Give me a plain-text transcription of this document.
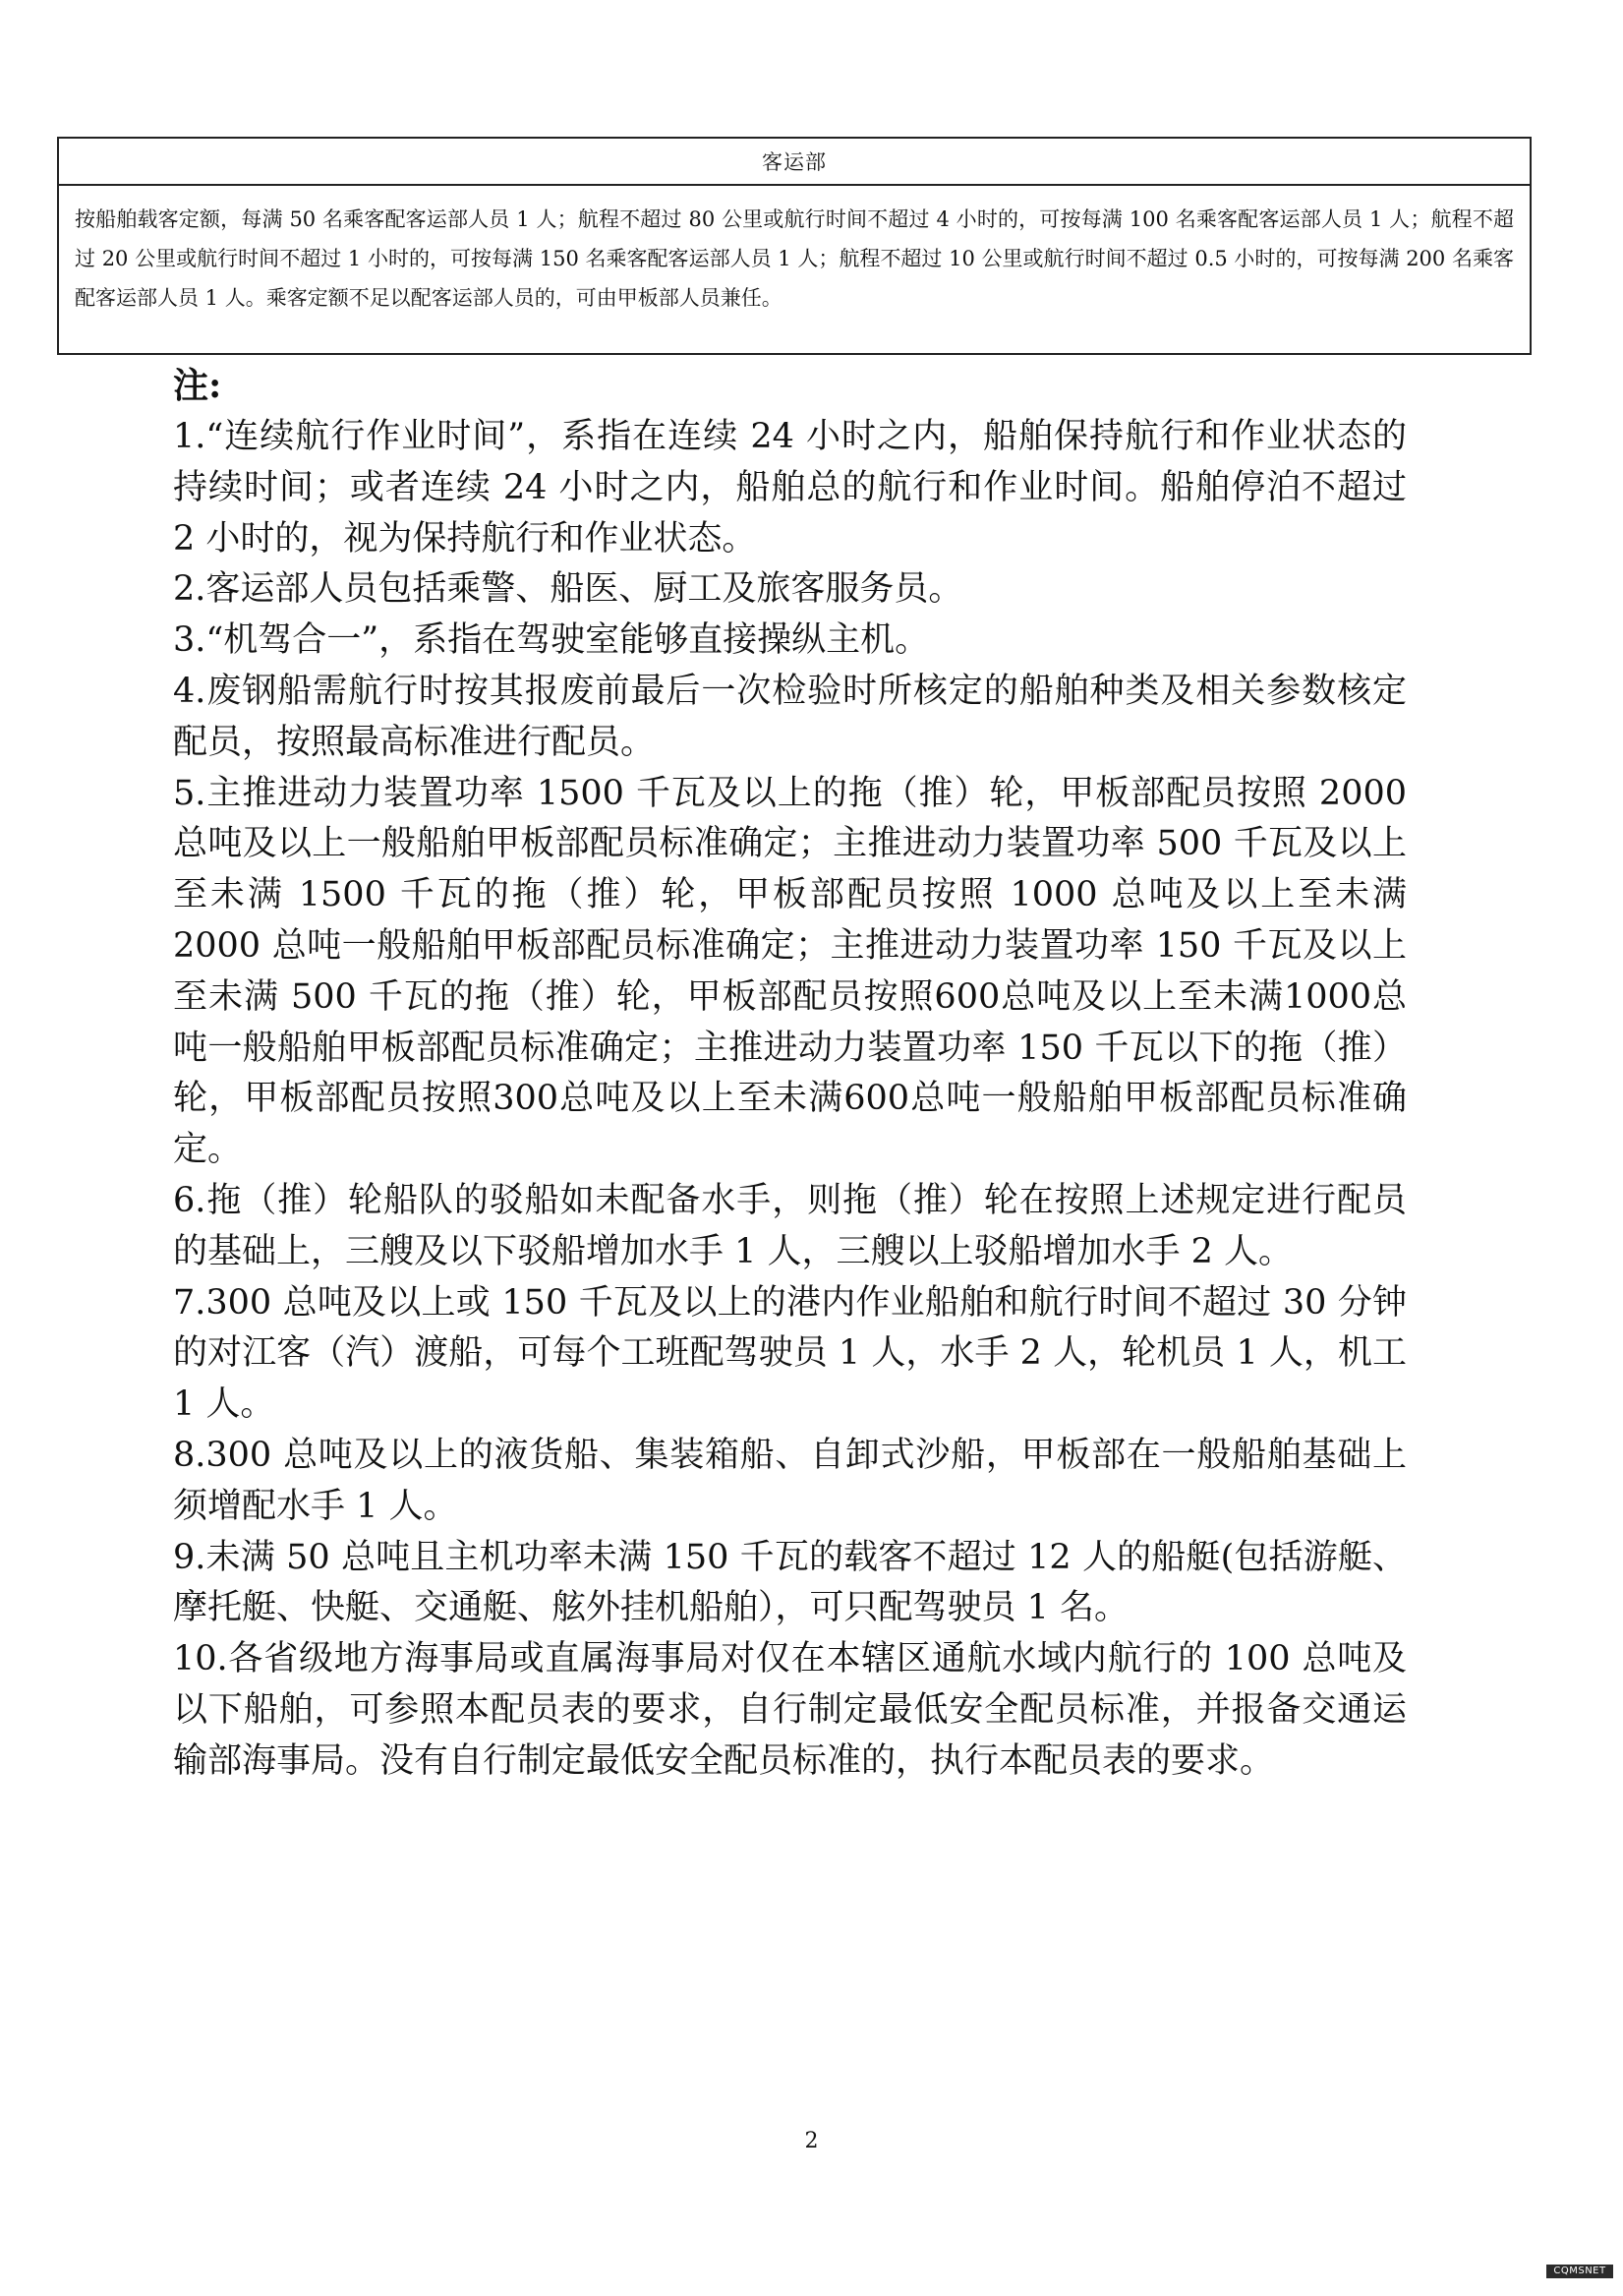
客运部
按船舶载客定额，每满 50 名乘客配客运部人员 1 人；航程不超过 80 公里或航行时间不超过 4 小时的，可按每满 100 名乘客配客运部人员 1 人；航程不超过 20 公里或航行时间不超过 1 小时的，可按每满 150 名乘客配客运部人员 1 人；航程不超过 10 公里或航行时间不超过 0.5 小时的，可按每满 200 名乘客配客运部人员 1 人。乘客定额不足以配客运部人员的，可由甲板部人员兼任。
注:

1.“连续航行作业时间”，系指在连续 24 小时之内，船舶保持航行和作业状态的持续时间；或者连续 24 小时之内，船舶总的航行和作业时间。船舶停泊不超过 2 小时的，视为保持航行和作业状态。

2.客运部人员包括乘警、船医、厨工及旅客服务员。

3.“机驾合一”，系指在驾驶室能够直接操纵主机。

4.废钢船需航行时按其报废前最后一次检验时所核定的船舶种类及相关参数核定配员，按照最高标准进行配员。

5.主推进动力装置功率 1500 千瓦及以上的拖（推）轮，甲板部配员按照 2000 总吨及以上一般船舶甲板部配员标准确定；主推进动力装置功率 500 千瓦及以上至未满 1500 千瓦的拖（推）轮，甲板部配员按照 1000 总吨及以上至未满 2000 总吨一般船舶甲板部配员标准确定；主推进动力装置功率 150 千瓦及以上至未满 500 千瓦的拖（推）轮，甲板部配员按照600总吨及以上至未满1000总吨一般船舶甲板部配员标准确定；主推进动力装置功率 150 千瓦以下的拖（推）轮，甲板部配员按照300总吨及以上至未满600总吨一般船舶甲板部配员标准确定。

6.拖（推）轮船队的驳船如未配备水手，则拖（推）轮在按照上述规定进行配员的基础上，三艘及以下驳船增加水手 1 人，三艘以上驳船增加水手 2 人。

7.300 总吨及以上或 150 千瓦及以上的港内作业船舶和航行时间不超过 30 分钟的对江客（汽）渡船，可每个工班配驾驶员 1 人，水手 2 人，轮机员 1 人，机工 1 人。

8.300 总吨及以上的液货船、集装箱船、自卸式沙船，甲板部在一般船舶基础上须增配水手 1 人。

9.未满 50 总吨且主机功率未满 150 千瓦的载客不超过 12 人的船艇(包括游艇、摩托艇、快艇、交通艇、舷外挂机船舶），可只配驾驶员 1 名。

10.各省级地方海事局或直属海事局对仅在本辖区通航水域内航行的 100 总吨及以下船舶，可参照本配员表的要求，自行制定最低安全配员标准，并报备交通运输部海事局。没有自行制定最低安全配员标准的，执行本配员表的要求。

2
CQMSNET
